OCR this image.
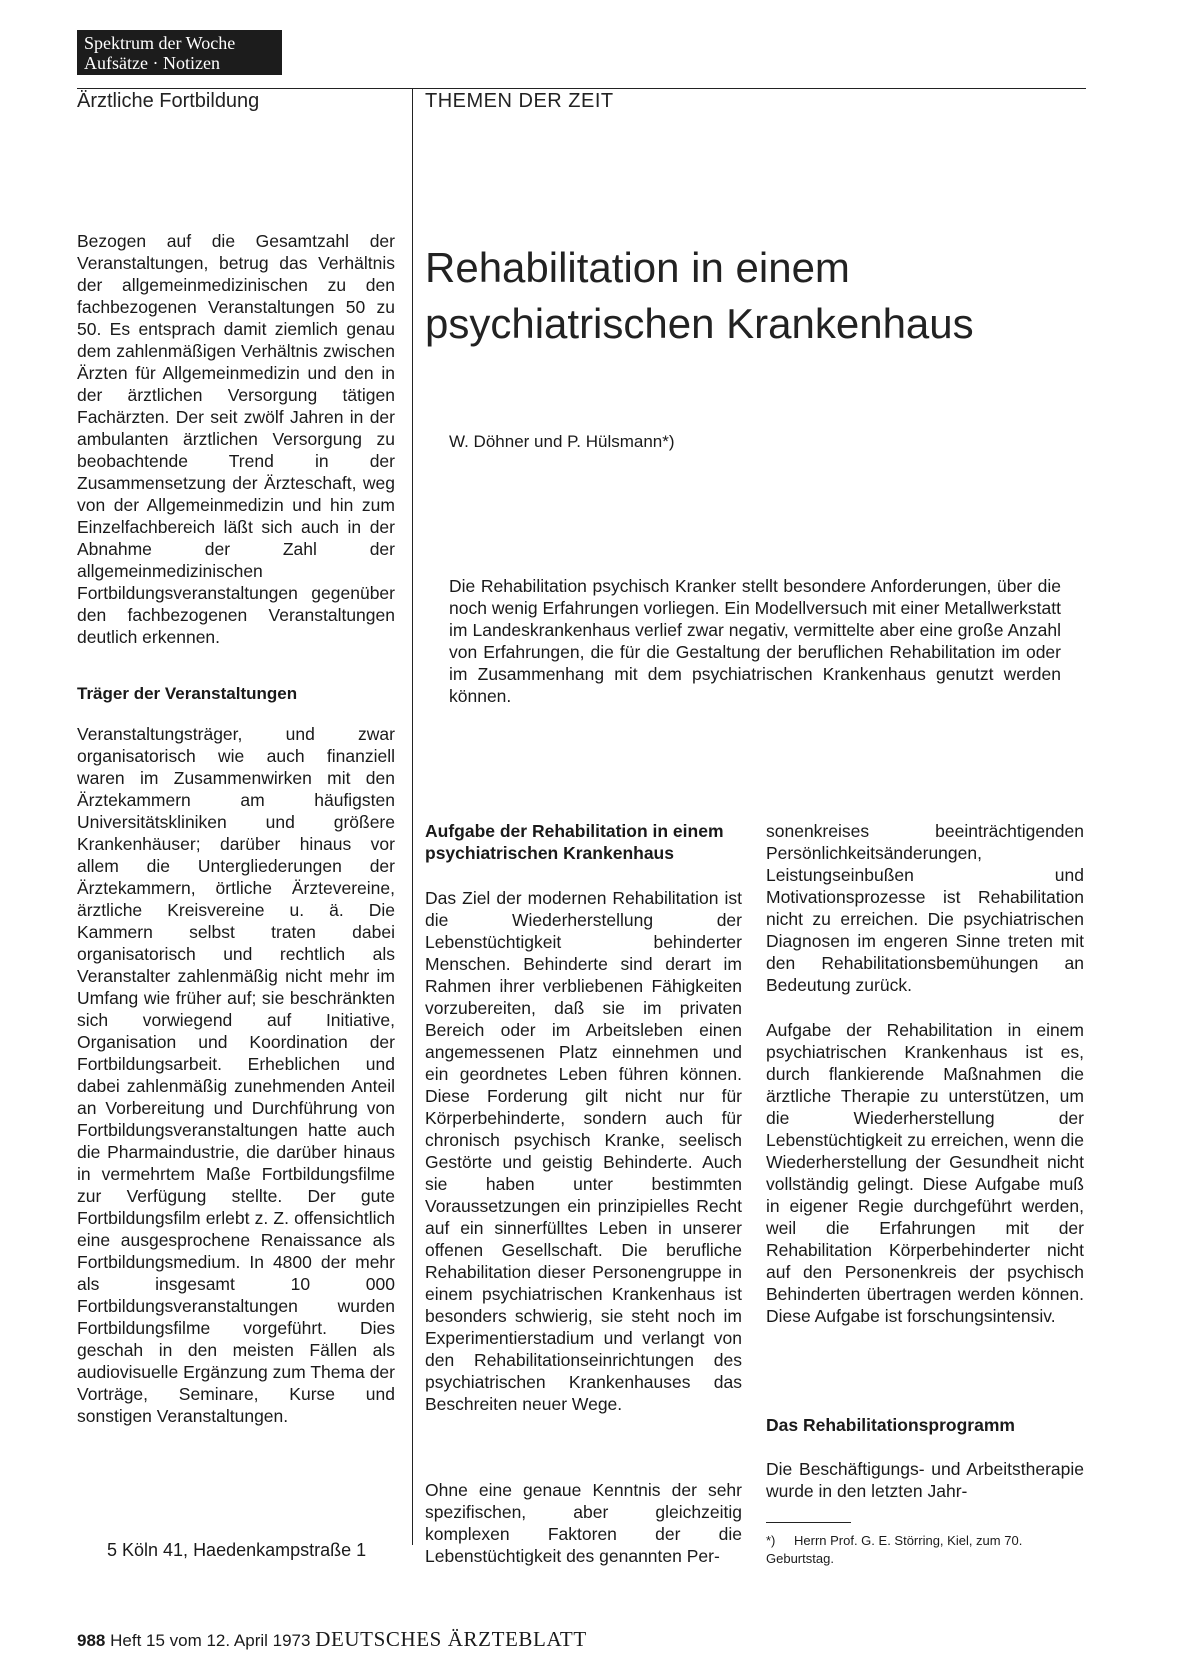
Spektrum der Woche
Aufsätze · Notizen
Ärztliche Fortbildung	THEMEN DER ZEIT

Bezogen auf die Gesamtzahl der Veranstaltungen, betrug das Verhältnis der allgemeinmedizinischen zu den fachbezogenen Veranstaltungen 50 zu 50. Es entsprach damit ziemlich genau dem zahlenmäßigen Verhältnis zwischen Ärzten für Allgemeinmedizin und den in der ärztlichen Versorgung tätigen Fachärzten. Der seit zwölf Jahren in der ambulanten ärztlichen Versorgung zu beobachtende Trend in der Zusammensetzung der Ärzteschaft, weg von der Allgemeinmedizin und hin zum Einzelfachbereich läßt sich auch in der Abnahme der Zahl der allgemeinmedizinischen Fortbildungsveranstaltungen gegenüber den fachbezogenen Veranstaltungen deutlich erkennen.

Träger der Veranstaltungen

Veranstaltungsträger, und zwar organisatorisch wie auch finanziell waren im Zusammenwirken mit den Ärztekammern am häufigsten Universitätskliniken und größere Krankenhäuser; darüber hinaus vor allem die Untergliederungen der Ärztekammern, örtliche Ärztevereine, ärztliche Kreisvereine u. ä. Die Kammern selbst traten dabei organisatorisch und rechtlich als Veranstalter zahlenmäßig nicht mehr im Umfang wie früher auf; sie beschränkten sich vorwiegend auf Initiative, Organisation und Koordination der Fortbildungsarbeit. Erheblichen und dabei zahlenmäßig zunehmenden Anteil an Vorbereitung und Durchführung von Fortbildungsveranstaltungen hatte auch die Pharmaindustrie, die darüber hinaus in vermehrtem Maße Fortbildungsfilme zur Verfügung stellte. Der gute Fortbildungsfilm erlebt z. Z. offensichtlich eine ausgesprochene Renaissance als Fortbildungsmedium. In 4800 der mehr als insgesamt 10 000 Fortbildungsveranstaltungen wurden Fortbildungsfilme vorgeführt. Dies geschah in den meisten Fällen als audiovisuelle Ergänzung zum Thema der Vorträge, Seminare, Kurse und sonstigen Veranstaltungen.

5 Köln 41, Haedenkampstraße 1
Rehabilitation in einem psychiatrischen Krankenhaus
W. Döhner und P. Hülsmann*)

Die Rehabilitation psychisch Kranker stellt besondere Anforderungen, über die noch wenig Erfahrungen vorliegen. Ein Modellversuch mit einer Metallwerkstatt im Landeskrankenhaus verlief zwar negativ, vermittelte aber eine große Anzahl von Erfahrungen, die für die Gestaltung der beruflichen Rehabilitation im oder im Zusammenhang mit dem psychiatrischen Krankenhaus genutzt werden können.

Aufgabe der Rehabilitation in einem psychiatrischen Krankenhaus

Das Ziel der modernen Rehabilitation ist die Wiederherstellung der Lebenstüchtigkeit behinderter Menschen. Behinderte sind derart im Rahmen ihrer verbliebenen Fähigkeiten vorzubereiten, daß sie im privaten Bereich oder im Arbeitsleben einen angemessenen Platz einnehmen und ein geordnetes Leben führen können. Diese Forderung gilt nicht nur für Körperbehinderte, sondern auch für chronisch psychisch Kranke, seelisch Gestörte und geistig Behinderte. Auch sie haben unter bestimmten Voraussetzungen ein prinzipielles Recht auf ein sinnerfülltes Leben in unserer offenen Gesellschaft. Die berufliche Rehabilitation dieser Personengruppe in einem psychiatrischen Krankenhaus ist besonders schwierig, sie steht noch im Experimentierstadium und verlangt von den Rehabilitationseinrichtungen des psychiatrischen Krankenhauses das Beschreiten neuer Wege.

Ohne eine genaue Kenntnis der sehr spezifischen, aber gleichzeitig komplexen Faktoren der die Lebenstüchtigkeit des genannten Per-

sonenkreises beeinträchtigenden Persönlichkeitsänderungen, Leistungseinbußen und Motivationsprozesse ist Rehabilitation nicht zu erreichen. Die psychiatrischen Diagnosen im engeren Sinne treten mit den Rehabilitationsbemühungen an Bedeutung zurück.

Aufgabe der Rehabilitation in einem psychiatrischen Krankenhaus ist es, durch flankierende Maßnahmen die ärztliche Therapie zu unterstützen, um die Wiederherstellung der Lebenstüchtigkeit zu erreichen, wenn die Wiederherstellung der Gesundheit nicht vollständig gelingt. Diese Aufgabe muß in eigener Regie durchgeführt werden, weil die Erfahrungen mit der Rehabilitation Körperbehinderter nicht auf den Personenkreis der psychisch Behinderten übertragen werden können. Diese Aufgabe ist forschungsintensiv.

Das Rehabilitationsprogramm

Die Beschäftigungs- und Arbeitstherapie wurde in den letzten Jahr-

*) Herrn Prof. G. E. Störring, Kiel, zum 70. Geburtstag.
988 Heft 15 vom 12. April 1973 DEUTSCHES ÄRZTEBLATT
